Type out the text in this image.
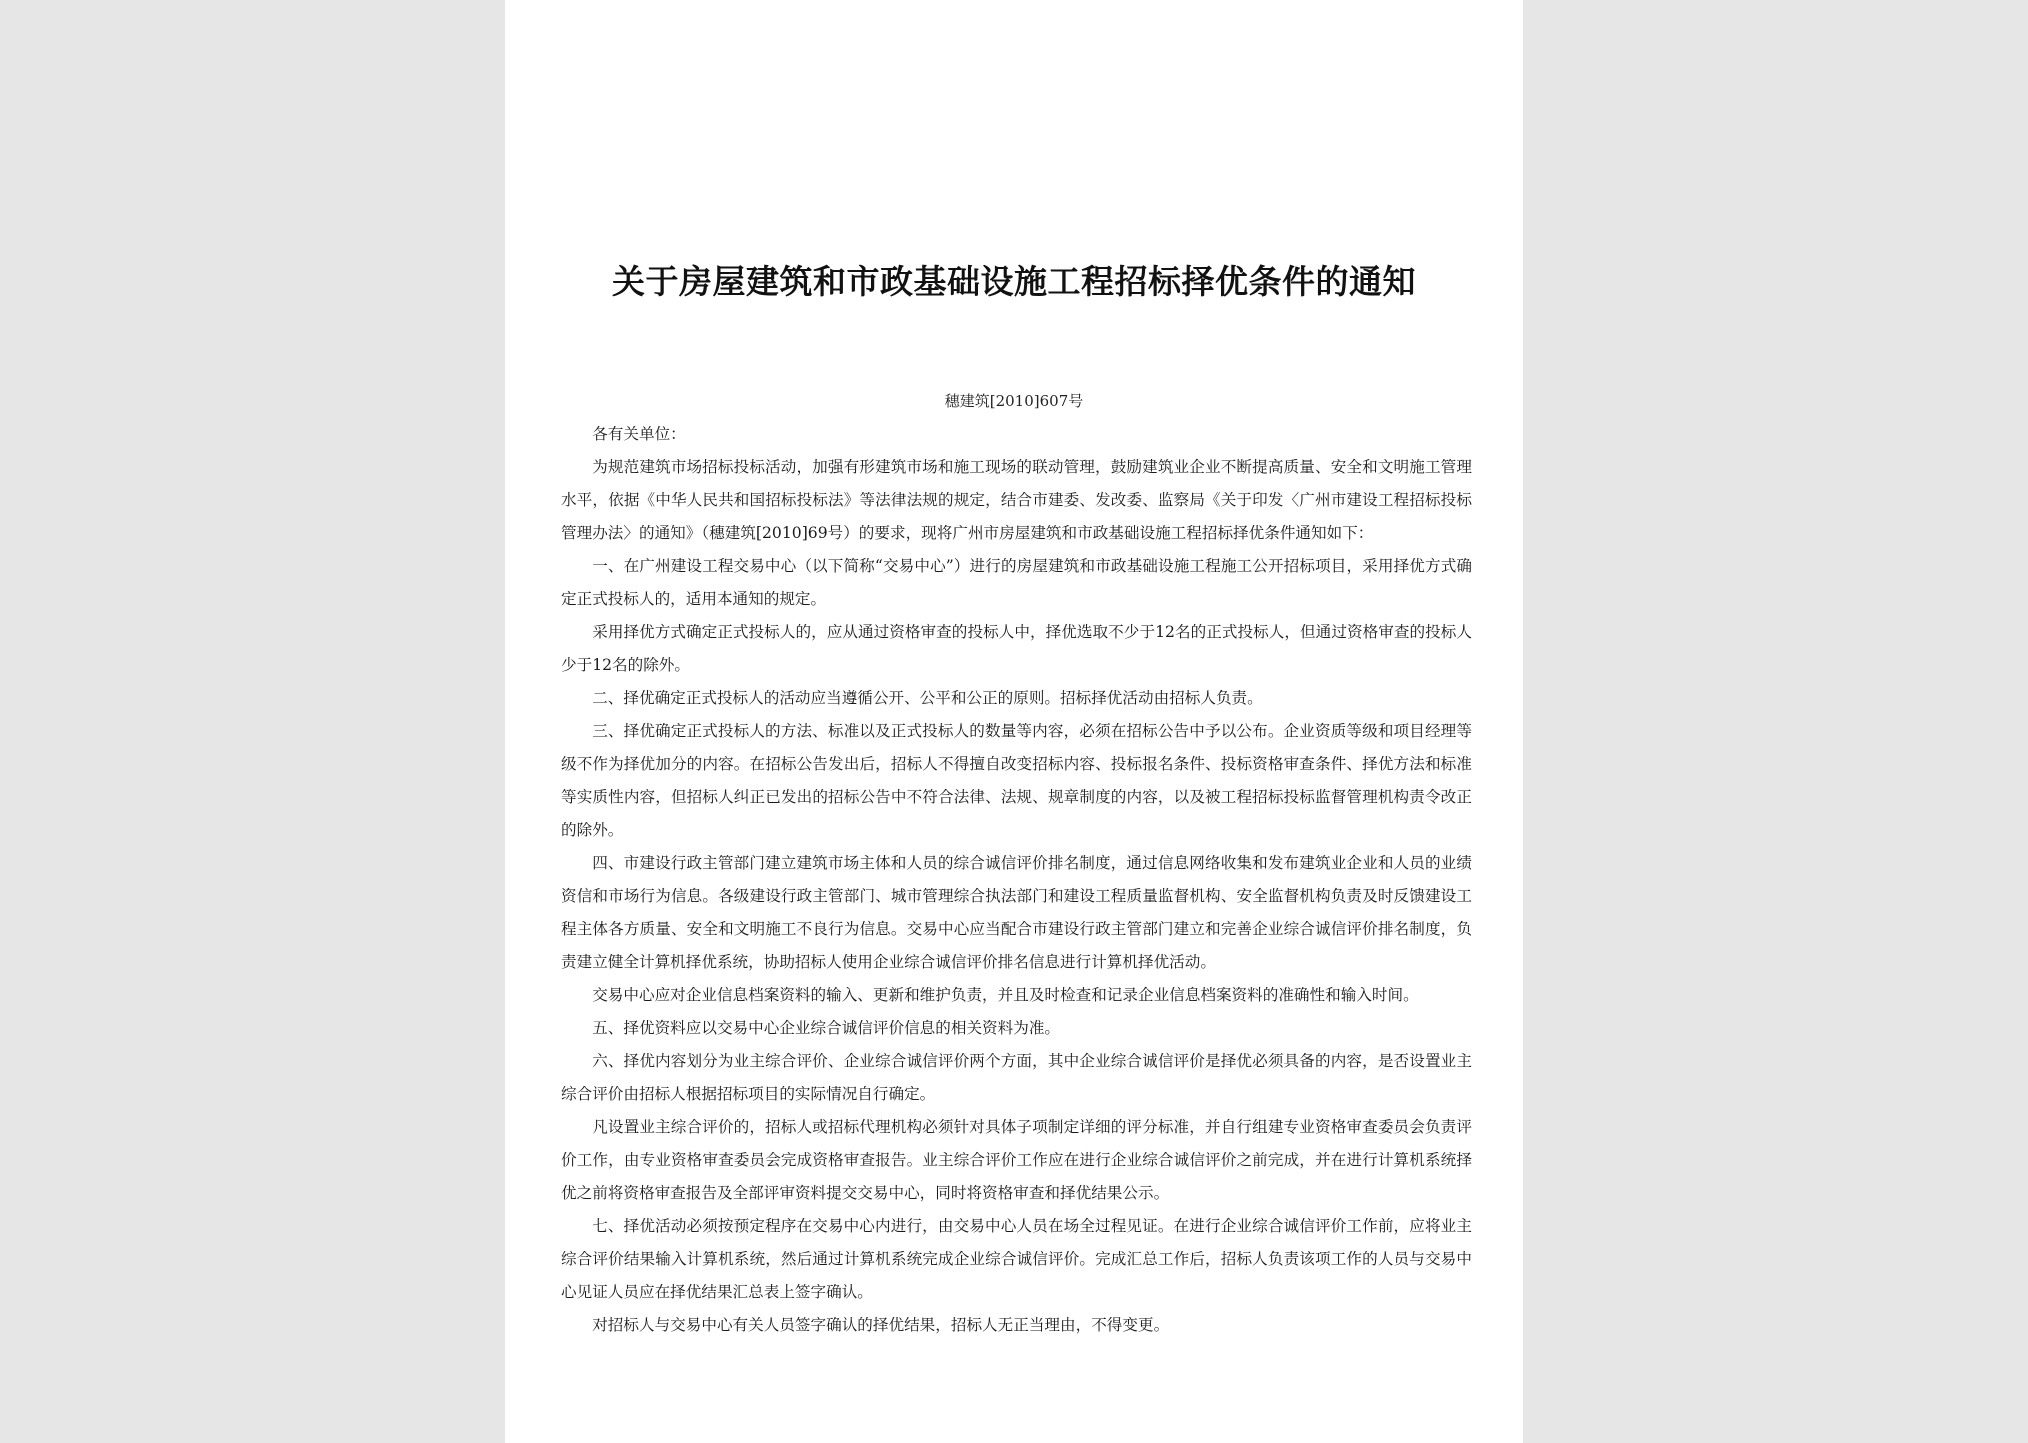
关于房屋建筑和市政基础设施工程招标择优条件的通知
穗建筑[2010]607号

各有关单位：

为规范建筑市场招标投标活动，加强有形建筑市场和施工现场的联动管理，鼓励建筑业企业不断提高质量、安全和文明施工管理水平，依据《中华人民共和国招标投标法》等法律法规的规定，结合市建委、发改委、监察局《关于印发〈广州市建设工程招标投标管理办法〉的通知》（穗建筑[2010]69号）的要求，现将广州市房屋建筑和市政基础设施工程招标择优条件通知如下：

一、在广州建设工程交易中心（以下简称“交易中心”）进行的房屋建筑和市政基础设施工程施工公开招标项目，采用择优方式确定正式投标人的，适用本通知的规定。

采用择优方式确定正式投标人的，应从通过资格审查的投标人中，择优选取不少于12名的正式投标人，但通过资格审查的投标人少于12名的除外。

二、择优确定正式投标人的活动应当遵循公开、公平和公正的原则。招标择优活动由招标人负责。

三、择优确定正式投标人的方法、标准以及正式投标人的数量等内容，必须在招标公告中予以公布。企业资质等级和项目经理等级不作为择优加分的内容。在招标公告发出后，招标人不得擅自改变招标内容、投标报名条件、投标资格审查条件、择优方法和标准等实质性内容，但招标人纠正已发出的招标公告中不符合法律、法规、规章制度的内容，以及被工程招标投标监督管理机构责令改正的除外。

四、市建设行政主管部门建立建筑市场主体和人员的综合诚信评价排名制度，通过信息网络收集和发布建筑业企业和人员的业绩资信和市场行为信息。各级建设行政主管部门、城市管理综合执法部门和建设工程质量监督机构、安全监督机构负责及时反馈建设工程主体各方质量、安全和文明施工不良行为信息。交易中心应当配合市建设行政主管部门建立和完善企业综合诚信评价排名制度，负责建立健全计算机择优系统，协助招标人使用企业综合诚信评价排名信息进行计算机择优活动。

交易中心应对企业信息档案资料的输入、更新和维护负责，并且及时检查和记录企业信息档案资料的准确性和输入时间。

五、择优资料应以交易中心企业综合诚信评价信息的相关资料为准。

六、择优内容划分为业主综合评价、企业综合诚信评价两个方面，其中企业综合诚信评价是择优必须具备的内容，是否设置业主综合评价由招标人根据招标项目的实际情况自行确定。

凡设置业主综合评价的，招标人或招标代理机构必须针对具体子项制定详细的评分标准，并自行组建专业资格审查委员会负责评价工作，由专业资格审查委员会完成资格审查报告。业主综合评价工作应在进行企业综合诚信评价之前完成，并在进行计算机系统择优之前将资格审查报告及全部评审资料提交交易中心，同时将资格审查和择优结果公示。

七、择优活动必须按预定程序在交易中心内进行，由交易中心人员在场全过程见证。在进行企业综合诚信评价工作前，应将业主综合评价结果输入计算机系统，然后通过计算机系统完成企业综合诚信评价。完成汇总工作后，招标人负责该项工作的人员与交易中心见证人员应在择优结果汇总表上签字确认。

对招标人与交易中心有关人员签字确认的择优结果，招标人无正当理由，不得变更。
